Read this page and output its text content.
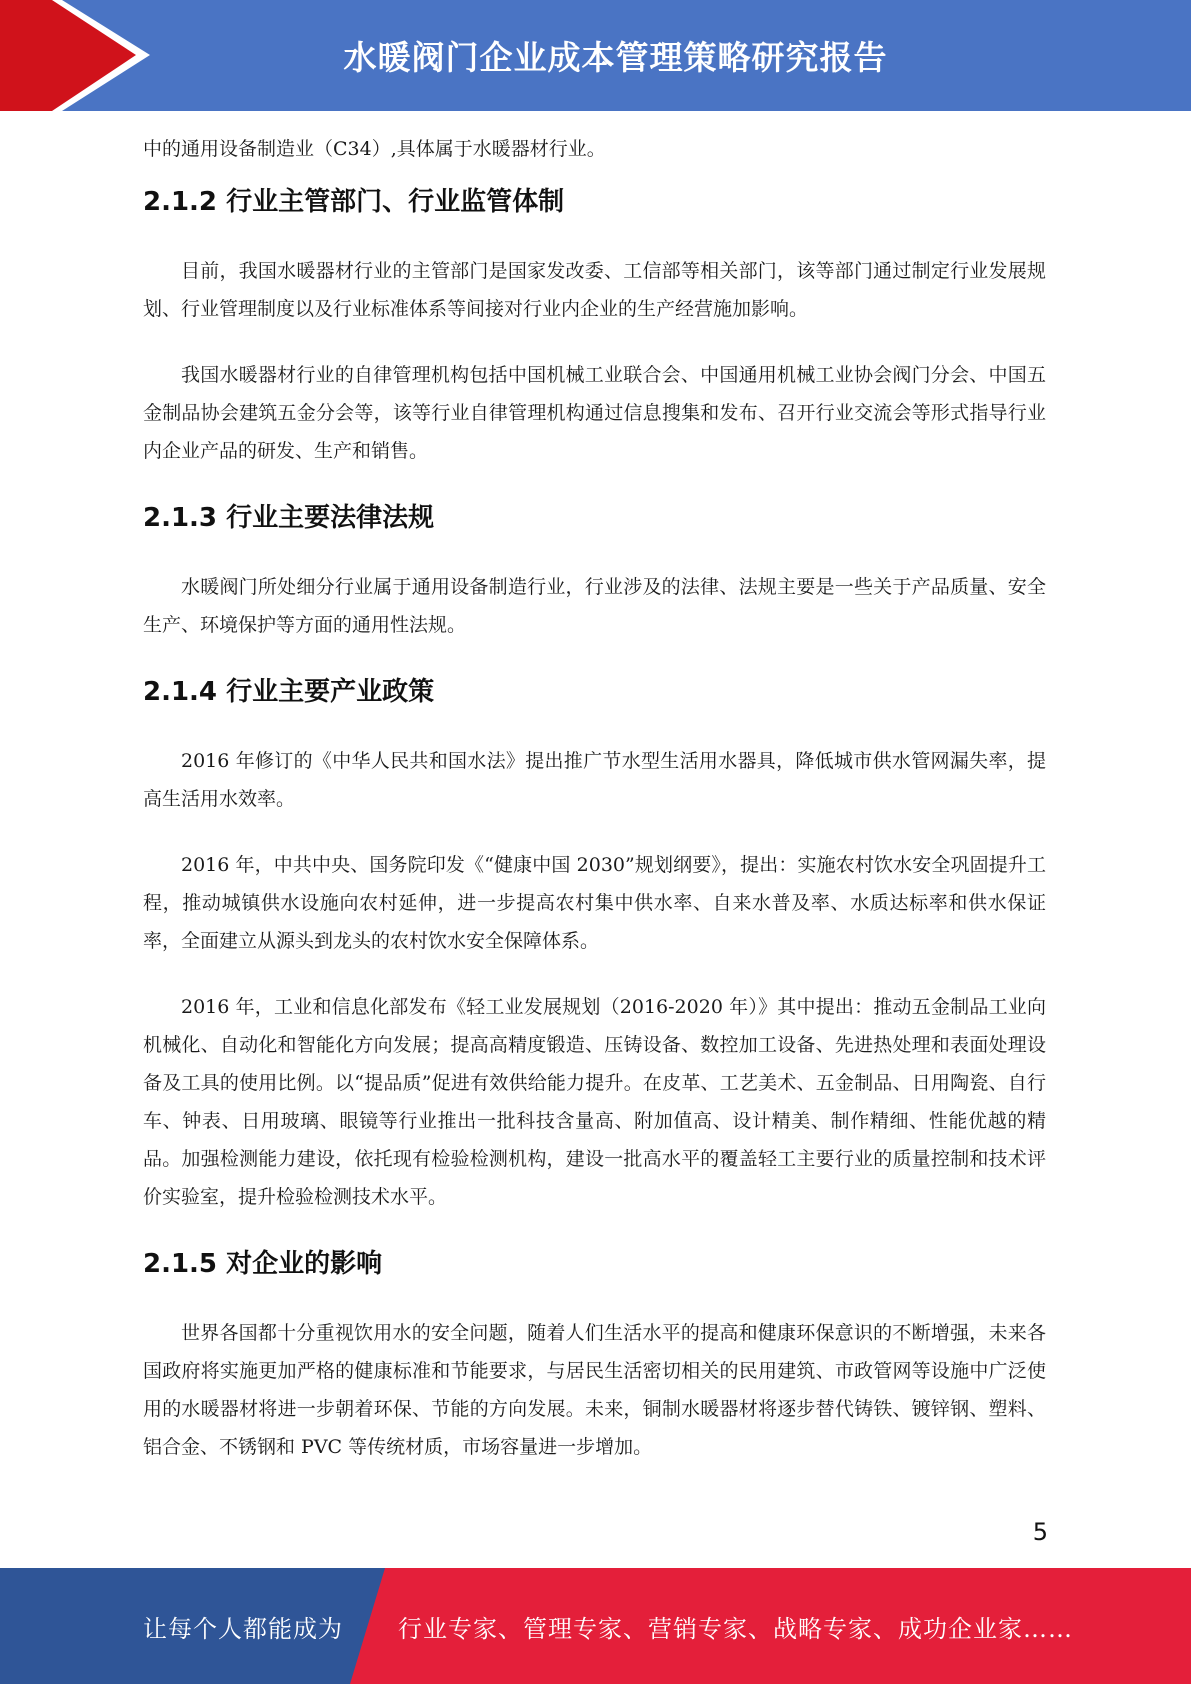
水暖阀门企业成本管理策略研究报告

中的通用设备制造业（C34）,具体属于水暖器材行业。

2.1.2 行业主管部门、行业监管体制

目前，我国水暖器材行业的主管部门是国家发改委、工信部等相关部门，该等部门通过制定行业发展规划、行业管理制度以及行业标准体系等间接对行业内企业的生产经营施加影响。

我国水暖器材行业的自律管理机构包括中国机械工业联合会、中国通用机械工业协会阀门分会、中国五金制品协会建筑五金分会等，该等行业自律管理机构通过信息搜集和发布、召开行业交流会等形式指导行业内企业产品的研发、生产和销售。

2.1.3 行业主要法律法规

水暖阀门所处细分行业属于通用设备制造行业，行业涉及的法律、法规主要是一些关于产品质量、安全生产、环境保护等方面的通用性法规。

2.1.4 行业主要产业政策

2016 年修订的《中华人民共和国水法》提出推广节水型生活用水器具，降低城市供水管网漏失率，提高生活用水效率。

2016 年，中共中央、国务院印发《“健康中国 2030”规划纲要》，提出：实施农村饮水安全巩固提升工程，推动城镇供水设施向农村延伸，进一步提高农村集中供水率、自来水普及率、水质达标率和供水保证率，全面建立从源头到龙头的农村饮水安全保障体系。

2016 年，工业和信息化部发布《轻工业发展规划（2016-2020 年）》其中提出：推动五金制品工业向机械化、自动化和智能化方向发展；提高高精度锻造、压铸设备、数控加工设备、先进热处理和表面处理设备及工具的使用比例。以“提品质”促进有效供给能力提升。在皮革、工艺美术、五金制品、日用陶瓷、自行车、钟表、日用玻璃、眼镜等行业推出一批科技含量高、附加值高、设计精美、制作精细、性能优越的精品。加强检测能力建设，依托现有检验检测机构，建设一批高水平的覆盖轻工主要行业的质量控制和技术评价实验室，提升检验检测技术水平。

2.1.5 对企业的影响

世界各国都十分重视饮用水的安全问题，随着人们生活水平的提高和健康环保意识的不断增强，未来各国政府将实施更加严格的健康标准和节能要求，与居民生活密切相关的民用建筑、市政管网等设施中广泛使用的水暖器材将进一步朝着环保、节能的方向发展。未来，铜制水暖器材将逐步替代铸铁、镀锌钢、塑料、铝合金、不锈钢和 PVC 等传统材质，市场容量进一步增加。

5
让每个人都能成为 行业专家、管理专家、营销专家、战略专家、成功企业家……
